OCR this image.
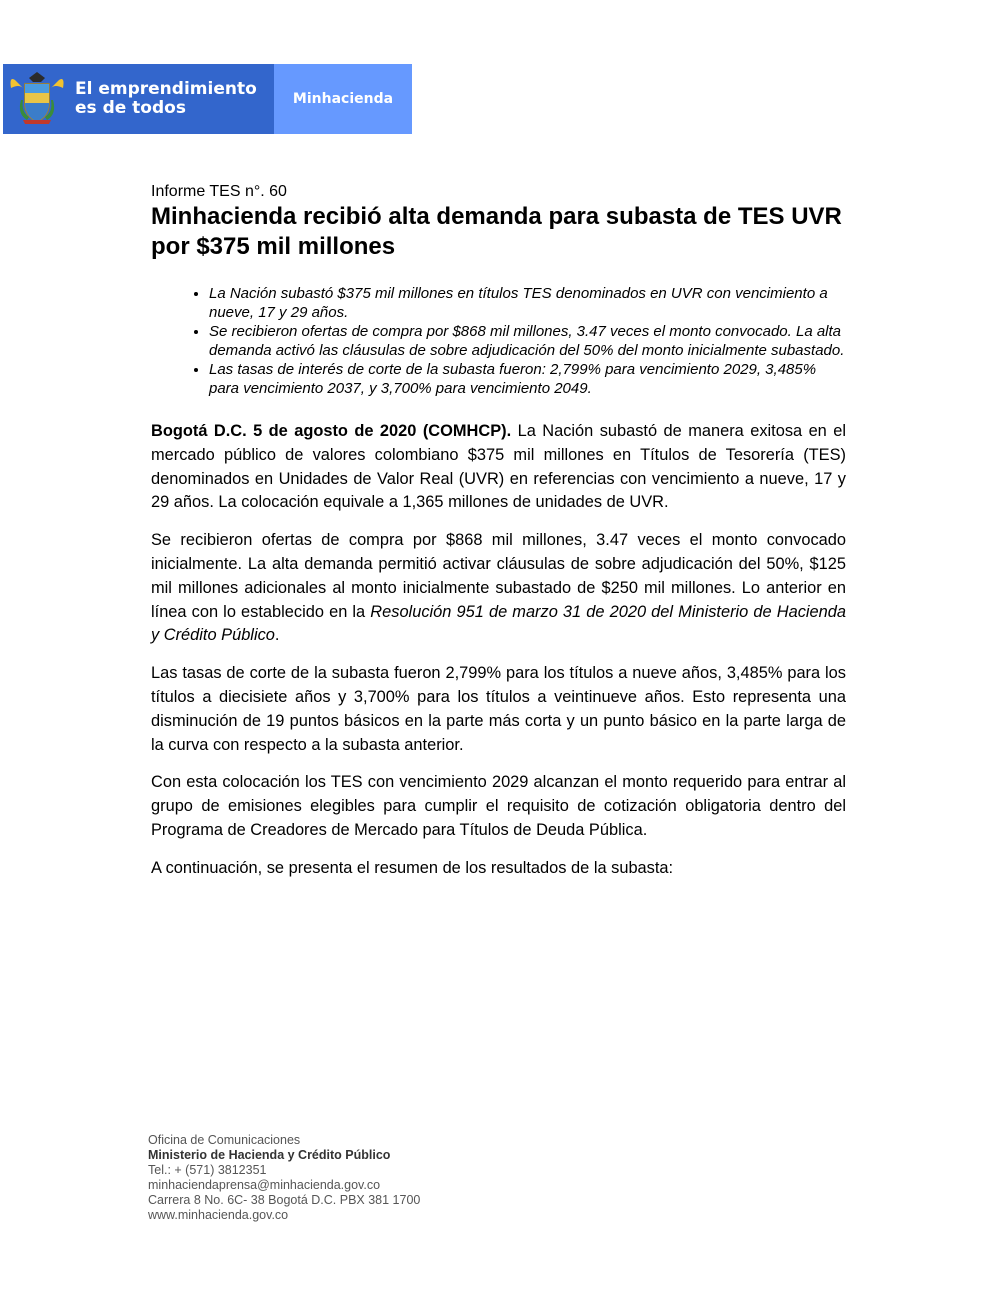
El emprendimiento
es de todos	Minhacienda
Informe TES n°. 60
Minhacienda recibió alta demanda para subasta de TES UVR por $375 mil millones
• La Nación subastó $375 mil millones en títulos TES denominados en UVR con vencimiento a nueve, 17 y 29 años.
• Se recibieron ofertas de compra por $868 mil millones, 3.47 veces el monto convocado. La alta demanda activó las cláusulas de sobre adjudicación del 50% del monto inicialmente subastado.
• Las tasas de interés de corte de la subasta fueron: 2,799% para vencimiento 2029, 3,485% para vencimiento 2037, y 3,700% para vencimiento 2049.

Bogotá D.C. 5 de agosto de 2020 (COMHCP). La Nación subastó de manera exitosa en el mercado público de valores colombiano $375 mil millones en Títulos de Tesorería (TES) denominados en Unidades de Valor Real (UVR) en referencias con vencimiento a nueve, 17 y 29 años. La colocación equivale a 1,365 millones de unidades de UVR.

Se recibieron ofertas de compra por $868 mil millones, 3.47 veces el monto convocado inicialmente. La alta demanda permitió activar cláusulas de sobre adjudicación del 50%, $125 mil millones adicionales al monto inicialmente subastado de $250 mil millones. Lo anterior en línea con lo establecido en la Resolución 951 de marzo 31 de 2020 del Ministerio de Hacienda y Crédito Público.

Las tasas de corte de la subasta fueron 2,799% para los títulos a nueve años, 3,485% para los títulos a diecisiete años y 3,700% para los títulos a veintinueve años. Esto representa una disminución de 19 puntos básicos en la parte más corta y un punto básico en la parte larga de la curva con respecto a la subasta anterior.

Con esta colocación los TES con vencimiento 2029 alcanzan el monto requerido para entrar al grupo de emisiones elegibles para cumplir el requisito de cotización obligatoria dentro del Programa de Creadores de Mercado para Títulos de Deuda Pública.

A continuación, se presenta el resumen de los resultados de la subasta:

Oficina de Comunicaciones
Ministerio de Hacienda y Crédito Público
Tel.: + (571) 3812351
minhaciendaprensa@minhacienda.gov.co
Carrera 8 No. 6C- 38 Bogotá D.C. PBX 381 1700
www.minhacienda.gov.co
